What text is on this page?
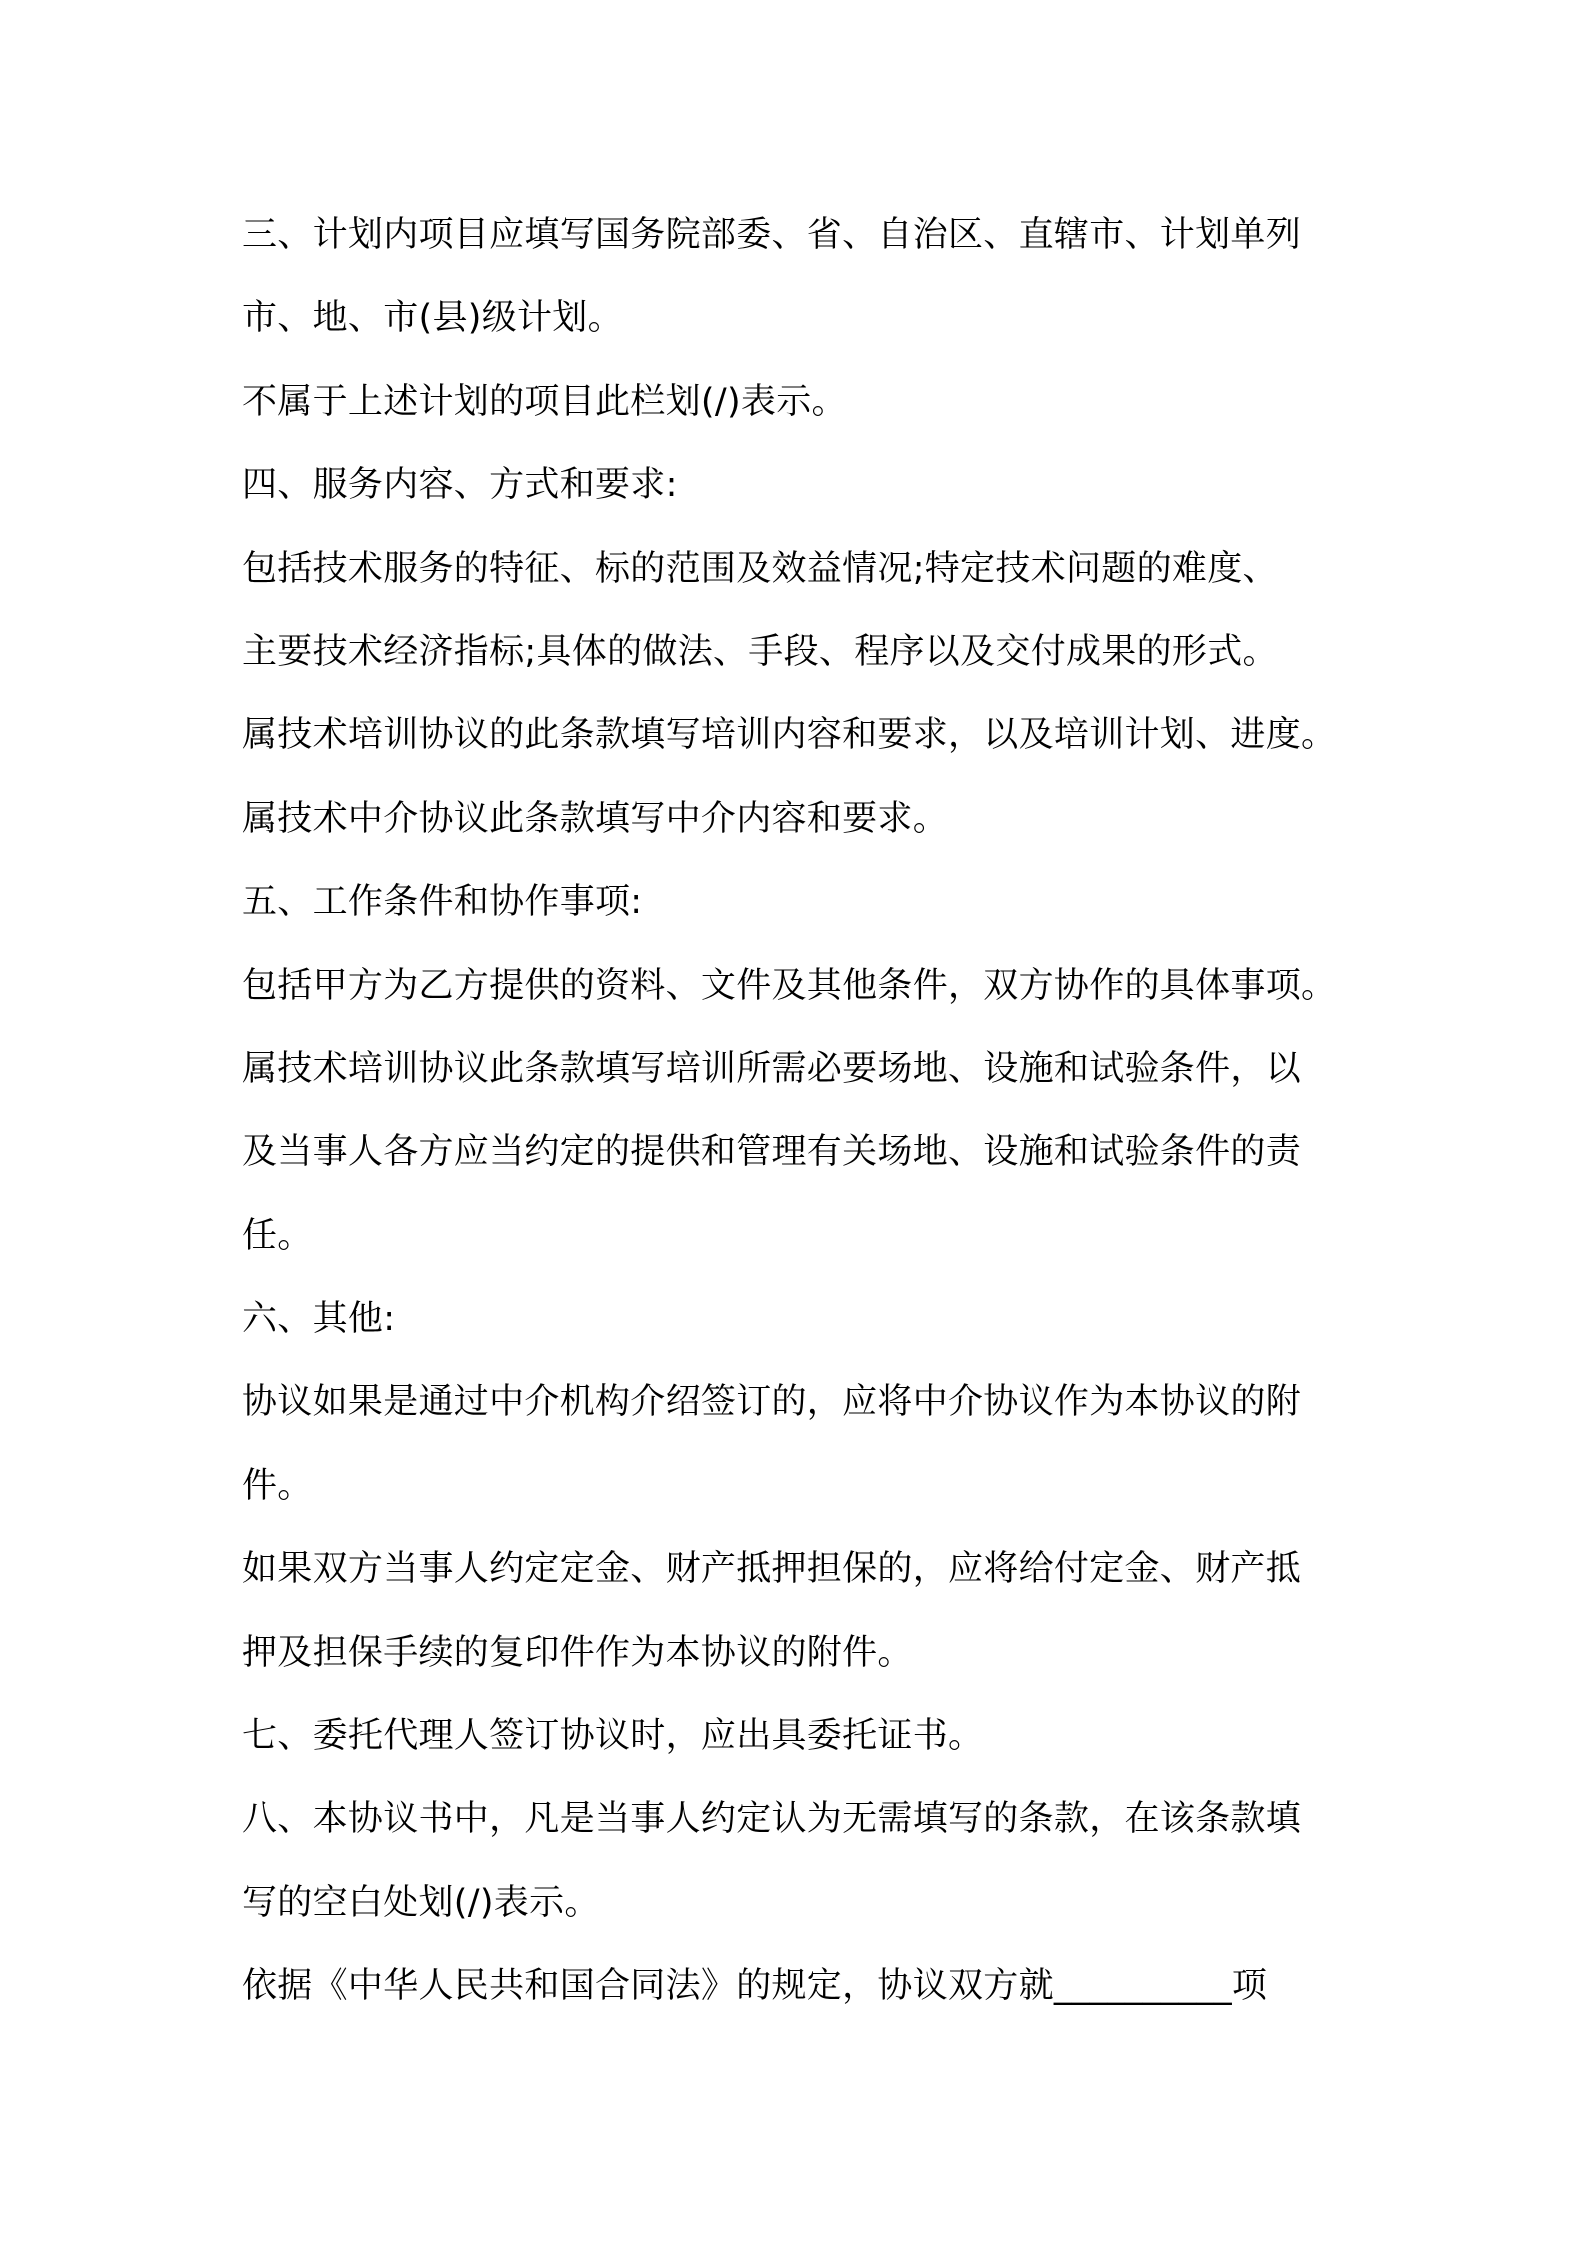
三、计划内项目应填写国务院部委、省、自治区、直辖市、计划单列
市、地、市(县)级计划。
不属于上述计划的项目此栏划(/)表示。
四、服务内容、方式和要求:
包括技术服务的特征、标的范围及效益情况;特定技术问题的难度、
主要技术经济指标;具体的做法、手段、程序以及交付成果的形式。
属技术培训协议的此条款填写培训内容和要求，以及培训计划、进度。
属技术中介协议此条款填写中介内容和要求。
五、工作条件和协作事项:
包括甲方为乙方提供的资料、文件及其他条件，双方协作的具体事项。
属技术培训协议此条款填写培训所需必要场地、设施和试验条件，以
及当事人各方应当约定的提供和管理有关场地、设施和试验条件的责
任。
六、其他:
协议如果是通过中介机构介绍签订的，应将中介协议作为本协议的附
件。
如果双方当事人约定定金、财产抵押担保的，应将给付定金、财产抵
押及担保手续的复印件作为本协议的附件。
七、委托代理人签订协议时，应出具委托证书。
八、本协议书中，凡是当事人约定认为无需填写的条款，在该条款填
写的空白处划(/)表示。
依据《中华人民共和国合同法》的规定，协议双方就__________项
